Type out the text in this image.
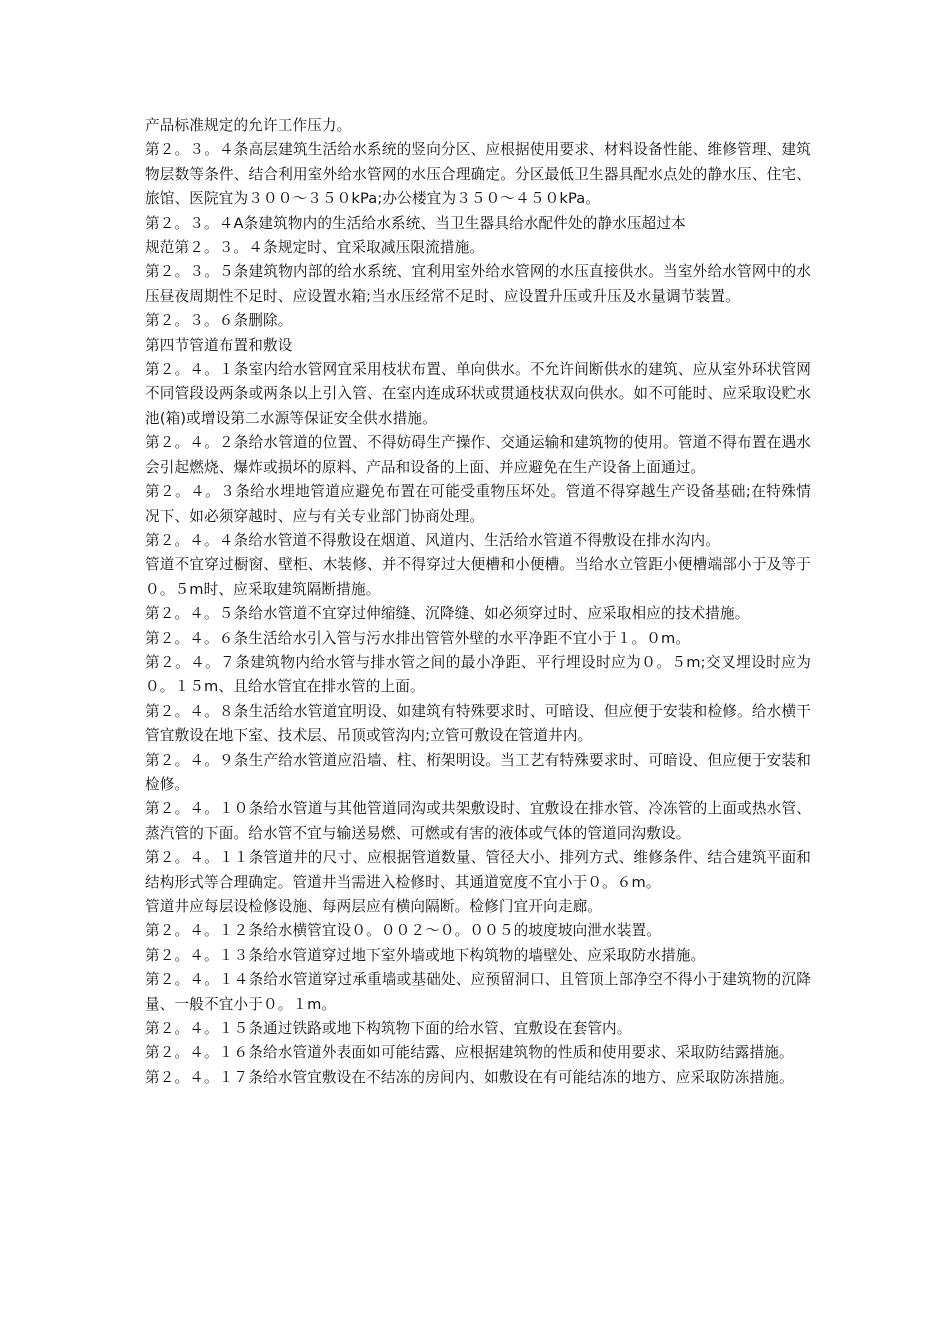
产品标准规定的允许工作压力。

第２。３。４条高层建筑生活给水系统的竖向分区、应根据使用要求、材料设备性能、维修管理、建筑物层数等条件、结合利用室外给水管网的水压合理确定。分区最低卫生器具配水点处的静水压、住宅、旅馆、医院宜为３００～３５０kPa;办公楼宜为３５０～４５０kPa。

第２。３。４A条建筑物内的生活给水系统、当卫生器具给水配件处的静水压超过本

规范第２。３。４条规定时、宜采取减压限流措施。

第２。３。５条建筑物内部的给水系统、宜利用室外给水管网的水压直接供水。当室外给水管网中的水压昼夜周期性不足时、应设置水箱;当水压经常不足时、应设置升压或升压及水量调节装置。

第２。３。６条删除。

第四节管道布置和敷设

第２。４。１条室内给水管网宜采用枝状布置、单向供水。不允许间断供水的建筑、应从室外环状管网不同管段设两条或两条以上引入管、在室内连成环状或贯通枝状双向供水。如不可能时、应采取设贮水池(箱)或增设第二水源等保证安全供水措施。

第２。４。２条给水管道的位置、不得妨碍生产操作、交通运输和建筑物的使用。管道不得布置在遇水会引起燃烧、爆炸或损坏的原料、产品和设备的上面、并应避免在生产设备上面通过。

第２。４。３条给水埋地管道应避免布置在可能受重物压坏处。管道不得穿越生产设备基础;在特殊情况下、如必须穿越时、应与有关专业部门协商处理。

第２。４。４条给水管道不得敷设在烟道、风道内、生活给水管道不得敷设在排水沟内。

管道不宜穿过橱窗、壁柜、木装修、并不得穿过大便槽和小便槽。当给水立管距小便槽端部小于及等于０。５m时、应采取建筑隔断措施。

第２。４。５条给水管道不宜穿过伸缩缝、沉降缝、如必须穿过时、应采取相应的技术措施。

第２。４。６条生活给水引入管与污水排出管管外壁的水平净距不宜小于１。０m。

第２。４。７条建筑物内给水管与排水管之间的最小净距、平行埋设时应为０。５m;交叉埋设时应为０。１５m、且给水管宜在排水管的上面。

第２。４。８条生活给水管道宜明设、如建筑有特殊要求时、可暗设、但应便于安装和检修。给水横干管宜敷设在地下室、技术层、吊顶或管沟内;立管可敷设在管道井内。

第２。４。９条生产给水管道应沿墙、柱、桁架明设。当工艺有特殊要求时、可暗设、但应便于安装和检修。

第２。４。１０条给水管道与其他管道同沟或共架敷设时、宜敷设在排水管、冷冻管的上面或热水管、蒸汽管的下面。给水管不宜与输送易燃、可燃或有害的液体或气体的管道同沟敷设。

第２。４。１１条管道井的尺寸、应根据管道数量、管径大小、排列方式、维修条件、结合建筑平面和结构形式等合理确定。管道井当需进入检修时、其通道宽度不宜小于０。６m。

管道井应每层设检修设施、每两层应有横向隔断。检修门宜开向走廊。

第２。４。１２条给水横管宜设０。００２～０。００５的坡度坡向泄水装置。

第２。４。１３条给水管道穿过地下室外墙或地下构筑物的墙壁处、应采取防水措施。

第２。４。１４条给水管道穿过承重墙或基础处、应预留洞口、且管顶上部净空不得小于建筑物的沉降量、一般不宜小于０。１m。

第２。４。１５条通过铁路或地下构筑物下面的给水管、宜敷设在套管内。

第２。４。１６条给水管道外表面如可能结露、应根据建筑物的性质和使用要求、采取防结露措施。

第２。４。１７条给水管宜敷设在不结冻的房间内、如敷设在有可能结冻的地方、应采取防冻措施。
